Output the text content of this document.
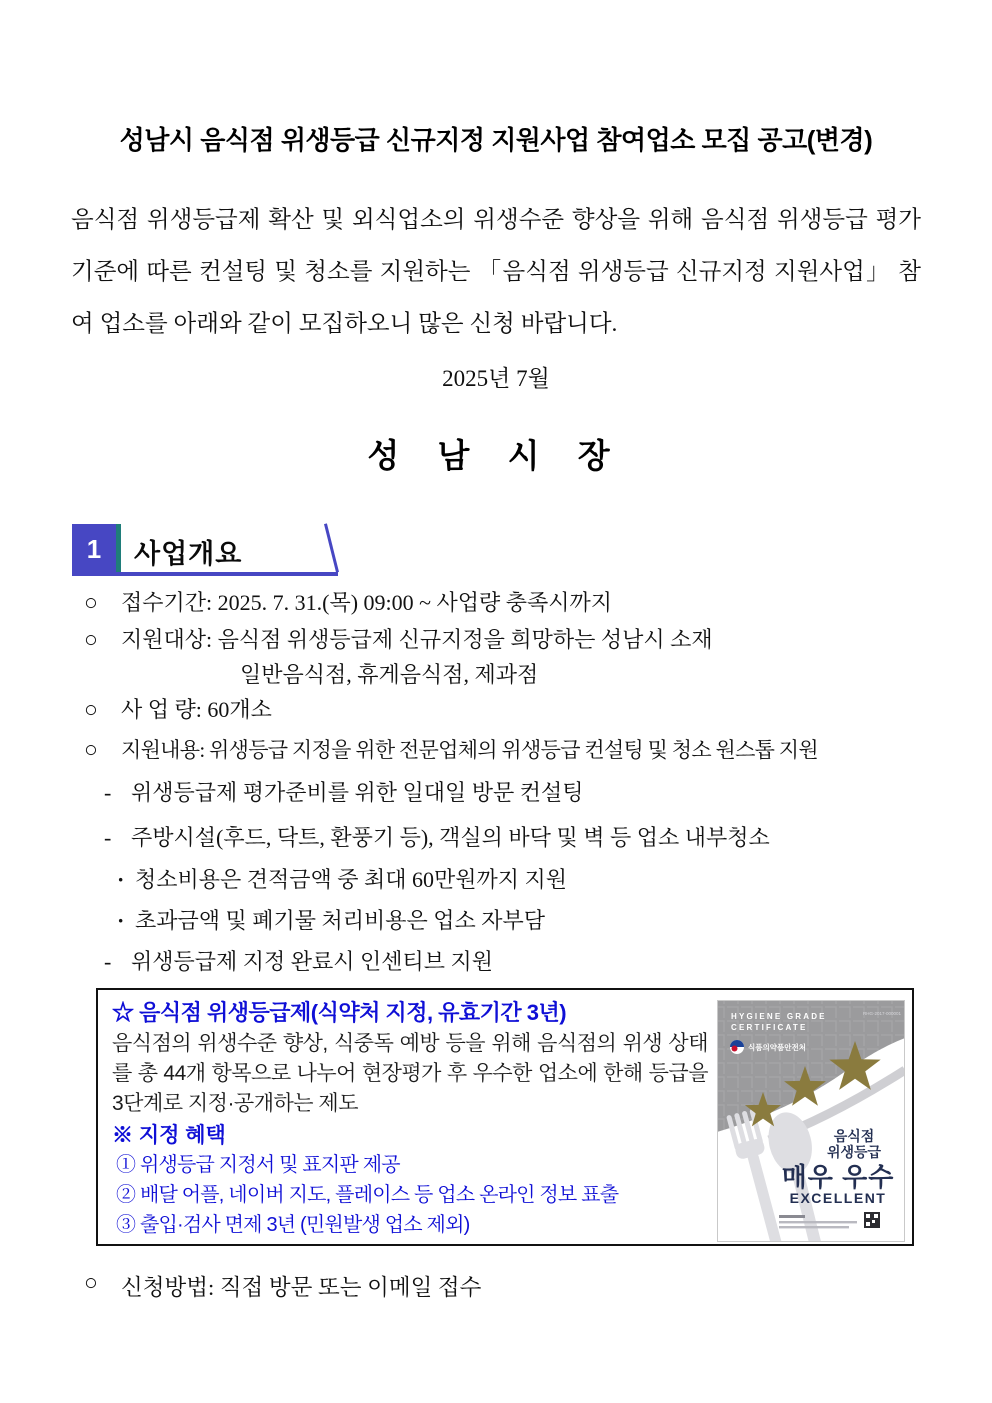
성남시 음식점 위생등급 신규지정 지원사업 참여업소 모집 공고(변경)
음식점 위생등급제 확산 및 외식업소의 위생수준 향상을 위해 음식점 위생등급 평가기준에 따른 컨설팅 및 청소를 지원하는 「음식점 위생등급 신규지정 지원사업」 참여 업소를 아래와 같이 모집하오니 많은 신청 바랍니다.
2025년 7월
성 남 시 장
1	사업개요
○	접수기간: 2025. 7. 31.(목) 09:00 ~ 사업량 충족시까지
○	지원대상: 음식점 위생등급제 신규지정을 희망하는 성남시 소재
일반음식점, 휴게음식점, 제과점
○	사 업 량: 60개소
○	지원내용: 위생등급 지정을 위한 전문업체의 위생등급 컨설팅 및 청소 원스톱 지원
- 위생등급제 평가준비를 위한 일대일 방문 컨설팅
- 주방시설(후드, 닥트, 환풍기 등), 객실의 바닥 및 벽 등 업소 내부청소
· 청소비용은 견적금액 중 최대 60만원까지 지원
· 초과금액 및 폐기물 처리비용은 업소 자부담
- 위생등급제 지정 완료시 인센티브 지원
☆ 음식점 위생등급제(식약처 지정, 유효기간 3년)
음식점의 위생수준 향상, 식중독 예방 등을 위해 음식점의 위생 상태를 총 44개 항목으로 나누어 현장평가 후 우수한 업소에 한해 등급을 3단계로 지정·공개하는 제도
※ 지정 혜택
① 위생등급 지정서 및 표지판 제공
② 배달 어플, 네이버 지도, 플레이스 등 업소 온라인 정보 표출
③ 출입·검사 면제 3년 (민원발생 업소 제외)
HYGIENE GRADE
CERTIFICATE
RHG-2017-000001
식품의약품안전처
음식점
위생등급
매우 우수
EXCELLENT
○	신청방법: 직접 방문 또는 이메일 접수
